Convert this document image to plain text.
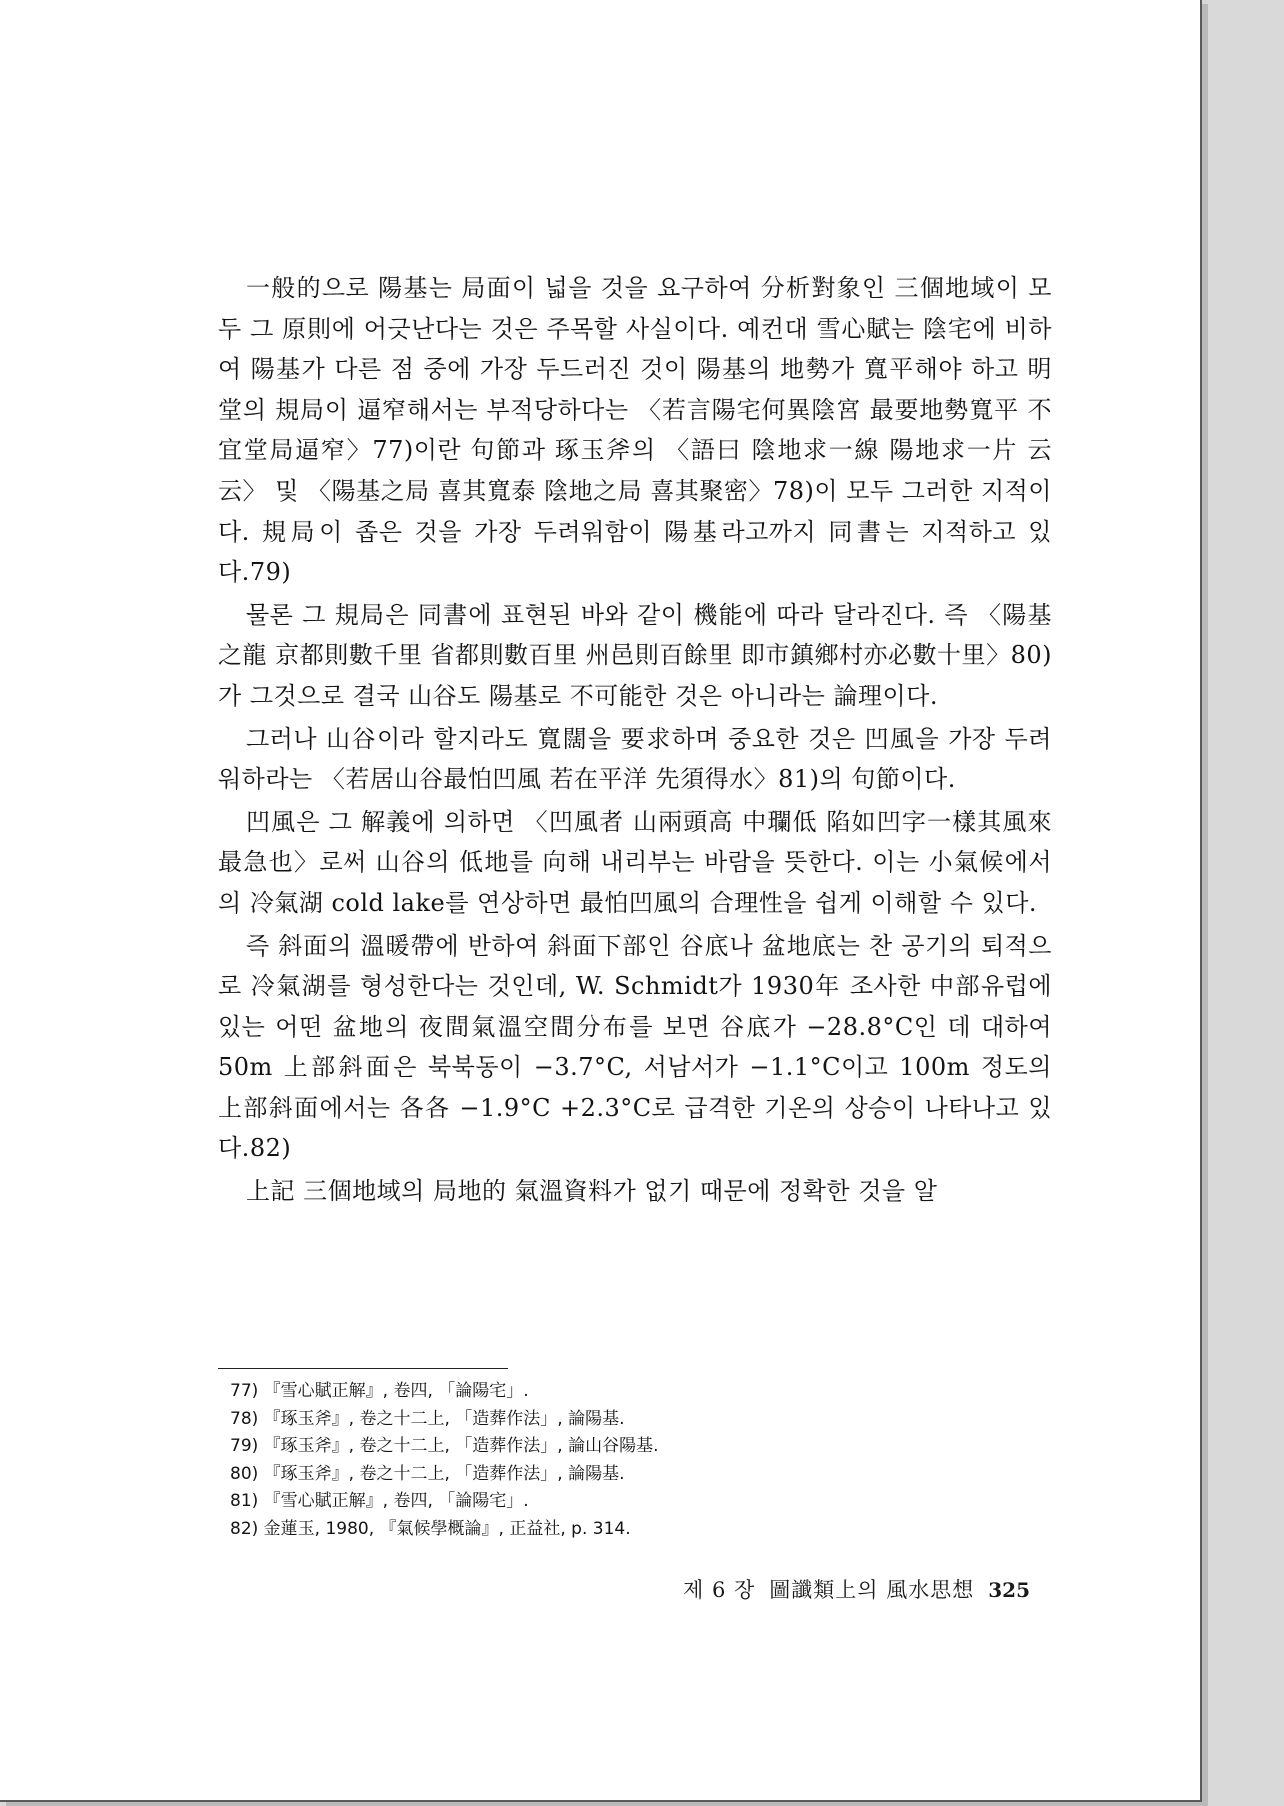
一般的으로 陽基는 局面이 넓을 것을 요구하여 分析對象인 三個地域이 모두 그 原則에 어긋난다는 것은 주목할 사실이다. 예컨대 雪心賦는 陰宅에 비하여 陽基가 다른 점 중에 가장 두드러진 것이 陽基의 地勢가 寬平해야 하고 明堂의 規局이 逼窄해서는 부적당하다는 〈若言陽宅何異陰宮 最要地勢寬平 不宜堂局逼窄〉77)이란 句節과 琢玉斧의 〈語曰 陰地求一線 陽地求一片 云云〉 및 〈陽基之局 喜其寬泰 陰地之局 喜其聚密〉78)이 모두 그러한 지적이다. 規局이 좁은 것을 가장 두려워함이 陽基라고까지 同書는 지적하고 있다.79)

물론 그 規局은 同書에 표현된 바와 같이 機能에 따라 달라진다. 즉 〈陽基之龍 京都則數千里 省都則數百里 州邑則百餘里 即市鎮鄉村亦必數十里〉80)가 그것으로 결국 山谷도 陽基로 不可能한 것은 아니라는 論理이다.

그러나 山谷이라 할지라도 寬闊을 要求하며 중요한 것은 凹風을 가장 두려워하라는 〈若居山谷最怕凹風 若在平洋 先須得水〉81)의 句節이다.

凹風은 그 解義에 의하면 〈凹風者 山兩頭高 中瓓低 陷如凹字一樣其風來最急也〉로써 山谷의 低地를 向해 내리부는 바람을 뜻한다. 이는 小氣候에서의 冷氣湖 cold lake를 연상하면 最怕凹風의 合理性을 쉽게 이해할 수 있다.

즉 斜面의 溫暖帶에 반하여 斜面下部인 谷底나 盆地底는 찬 공기의 퇴적으로 冷氣湖를 형성한다는 것인데, W. Schmidt가 1930年 조사한 中部유럽에 있는 어떤 盆地의 夜間氣溫空間分布를 보면 谷底가 −28.8°C인 데 대하여 50m 上部斜面은 북북동이 −3.7°C, 서남서가 −1.1°C이고 100m 정도의 上部斜面에서는 各各 −1.9°C +2.3°C로 급격한 기온의 상승이 나타나고 있다.82)

上記 三個地域의 局地的 氣溫資料가 없기 때문에 정확한 것을 알

77) 『雪心賦正解』, 卷四, 「論陽宅」.
78) 『琢玉斧』, 卷之十二上, 「造葬作法」, 論陽基.
79) 『琢玉斧』, 卷之十二上, 「造葬作法」, 論山谷陽基.
80) 『琢玉斧』, 卷之十二上, 「造葬作法」, 論陽基.
81) 『雪心賦正解』, 卷四, 「論陽宅」.
82) 金蓮玉, 1980, 『氣候學概論』, 正益社, p. 314.
제 6 장 圖讖類上의 風水思想 325
